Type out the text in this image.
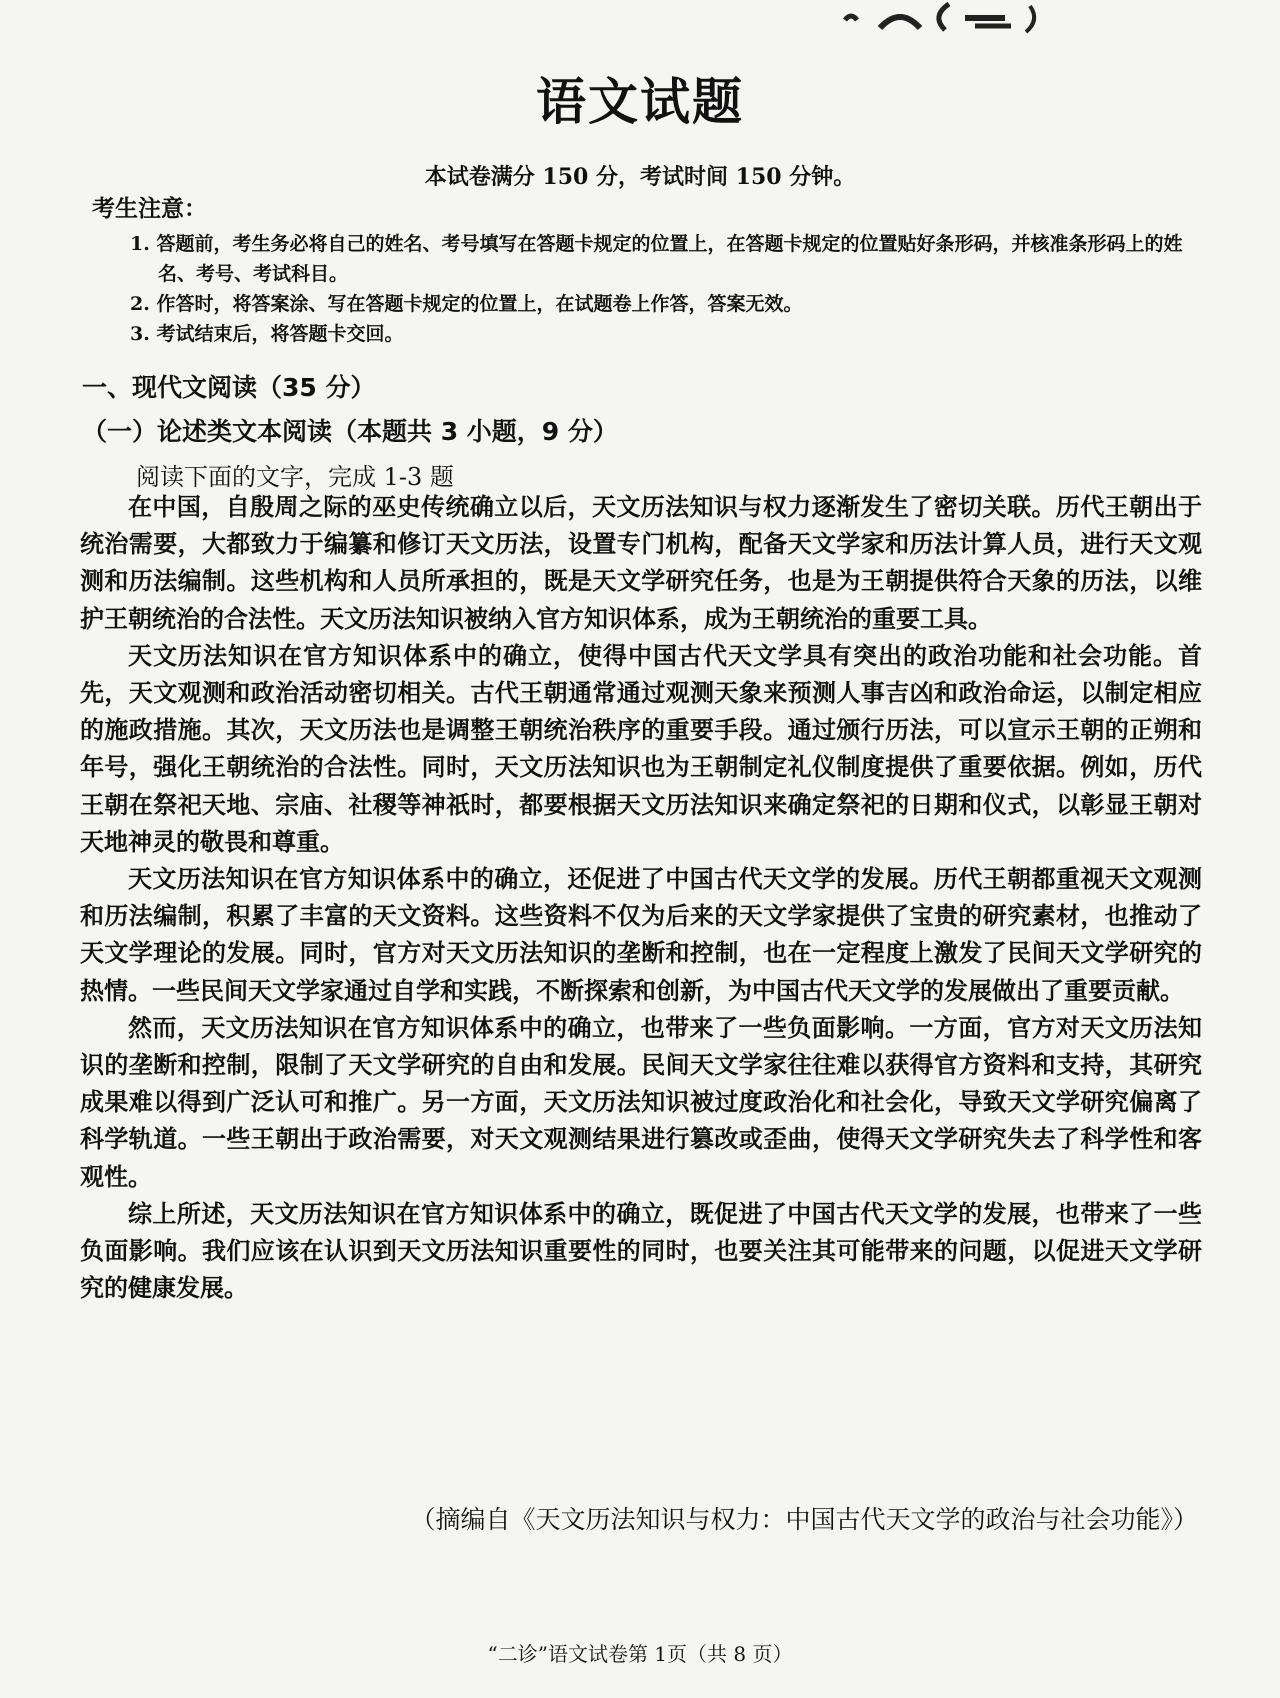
语文试题
本试卷满分 150 分，考试时间 150 分钟。
考生注意：
1. 答题前，考生务必将自己的姓名、考号填写在答题卡规定的位置上，在答题卡规定的位置贴好条形码，并核准条形码上的姓名、考号、考试科目。
2. 作答时，将答案涂、写在答题卡规定的位置上，在试题卷上作答，答案无效。
3. 考试结束后，将答题卡交回。
一、现代文阅读（35 分）
（一）论述类文本阅读（本题共 3 小题，9 分）
阅读下面的文字，完成 1-3 题

在中国，自殷周之际的巫史传统确立以后，天文历法知识与权力逐渐发生了密切关联。历代王朝出于统治需要，大都致力于编纂和修订天文历法，设置专门机构，配备天文学家和历法计算人员，进行天文观测和历法编制。这些机构和人员所承担的，既是天文学研究任务，也是为王朝提供符合天象的历法，以维护王朝统治的合法性。天文历法知识被纳入官方知识体系，成为王朝统治的重要工具。

天文历法知识在官方知识体系中的确立，使得中国古代天文学具有突出的政治功能和社会功能。首先，天文观测和政治活动密切相关。古代王朝通常通过观测天象来预测人事吉凶和政治命运，以制定相应的施政措施。其次，天文历法也是调整王朝统治秩序的重要手段。通过颁行历法，可以宣示王朝的正朔和年号，强化王朝统治的合法性。同时，天文历法知识也为王朝制定礼仪制度提供了重要依据。例如，历代王朝在祭祀天地、宗庙、社稷等神祇时，都要根据天文历法知识来确定祭祀的日期和仪式，以彰显王朝对天地神灵的敬畏和尊重。

天文历法知识在官方知识体系中的确立，还促进了中国古代天文学的发展。历代王朝都重视天文观测和历法编制，积累了丰富的天文资料。这些资料不仅为后来的天文学家提供了宝贵的研究素材，也推动了天文学理论的发展。同时，官方对天文历法知识的垄断和控制，也在一定程度上激发了民间天文学研究的热情。一些民间天文学家通过自学和实践，不断探索和创新，为中国古代天文学的发展做出了重要贡献。

然而，天文历法知识在官方知识体系中的确立，也带来了一些负面影响。一方面，官方对天文历法知识的垄断和控制，限制了天文学研究的自由和发展。民间天文学家往往难以获得官方资料和支持，其研究成果难以得到广泛认可和推广。另一方面，天文历法知识被过度政治化和社会化，导致天文学研究偏离了科学轨道。一些王朝出于政治需要，对天文观测结果进行篡改或歪曲，使得天文学研究失去了科学性和客观性。

综上所述，天文历法知识在官方知识体系中的确立，既促进了中国古代天文学的发展，也带来了一些负面影响。我们应该在认识到天文历法知识重要性的同时，也要关注其可能带来的问题，以促进天文学研究的健康发展。

（摘编自《天文历法知识与权力：中国古代天文学的政治与社会功能》）
“二诊”语文试卷第 1页（共 8 页）
